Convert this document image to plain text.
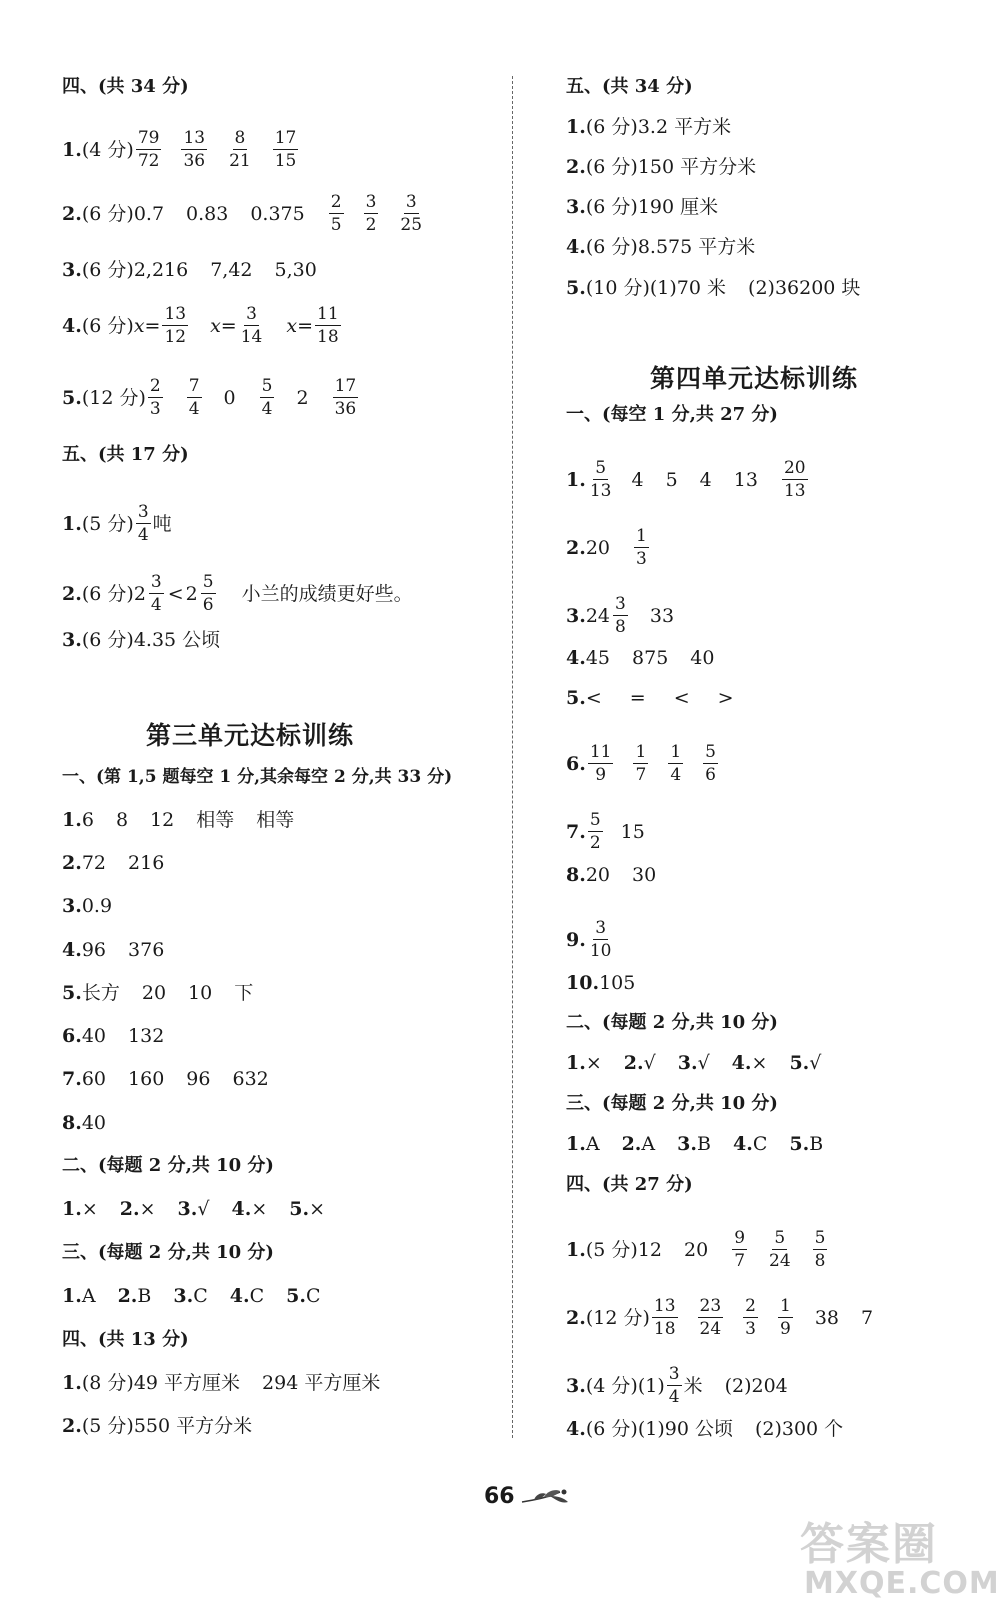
四、(共 34 分)
1. (4 分) $\frac{79}{72} \frac{13}{36} \frac{8}{21} \frac{17}{15}$
2. (6 分) 0.7 0.83 $0.375 \frac{2}{5} \frac{3}{2} \frac{3}{25}$
3. (6 分) 2,216 7,42 5,30
4. (6 分) $x= \frac{13}{12} x= \frac{3}{14} x= \frac{11}{18}$
5. (12 分) $\frac{2}{3} \frac{7}{4} 0 \frac{5}{4} 2 \frac{17}{36}$
五、(共 17 分)
1. (5 分) $\frac{3}{4}$ 吨
2. (6 分) $2 \frac{3}{4} < 2 \frac{5}{6}$ 小兰的成绩更好些。
3. (6 分) 4.35 公顷
第三单元达标训练
一、(第 1,5 题每空 1 分,其余每空 2 分,共 33 分)
1. 6 8 12 相等 相等
2. 72 216
3. 0.9
4. 96 376
5. 长方 20 10 下
6. 40 132
7. 60 160 96 632
8. 40
二、(每题 2 分,共 10 分)
1. × 2. × 3. √ 4. × 5. ×
三、(每题 2 分,共 10 分)
1. A 2. B 3. C 4. C 5. C
四、(共 13 分)
1. (8 分) 49 平方厘米 294 平方厘米
2. (5 分) 550 平方分米
五、(共 34 分)
1. (6 分) 3.2 平方米
2. (6 分) 150 平方分米
3. (6 分) 190 厘米
4. (6 分) 8.575 平方米
5. (10 分) (1)70 米 (2)36200 块
第四单元达标训练
一、(每空 1 分,共 27 分)
1. $\frac{5}{13} 4$ 5 4 $13 \frac{20}{13}$
2. $20 \frac{1}{3}$
3. $24 \frac{3}{8} 33$
4. 45 875 40
5. < = < >
6. $\frac{11}{9} \frac{1}{7} \frac{1}{4} \frac{5}{6}$
7. $\frac{5}{2} 15$
8. 20 30
9. $\frac{3}{10}$
10. 105
二、(每题 2 分,共 10 分)
1. × 2. √ 3. √ 4. × 5. √
三、(每题 2 分,共 10 分)
1. A 2. A 3. B 4. C 5. B
四、(共 27 分)
1. (5 分) 12 $20 \frac{9}{7} \frac{5}{24} \frac{5}{8}$
2. (12 分) $\frac{13}{18} \frac{23}{24} \frac{2}{3} \frac{1}{9} 38$ 7
3. (4 分) $(1) \frac{3}{4}$ 米 (2)204
4. (6 分) (1)90 公顷 (2)300 个
66
答案圈
MXQE.COM
